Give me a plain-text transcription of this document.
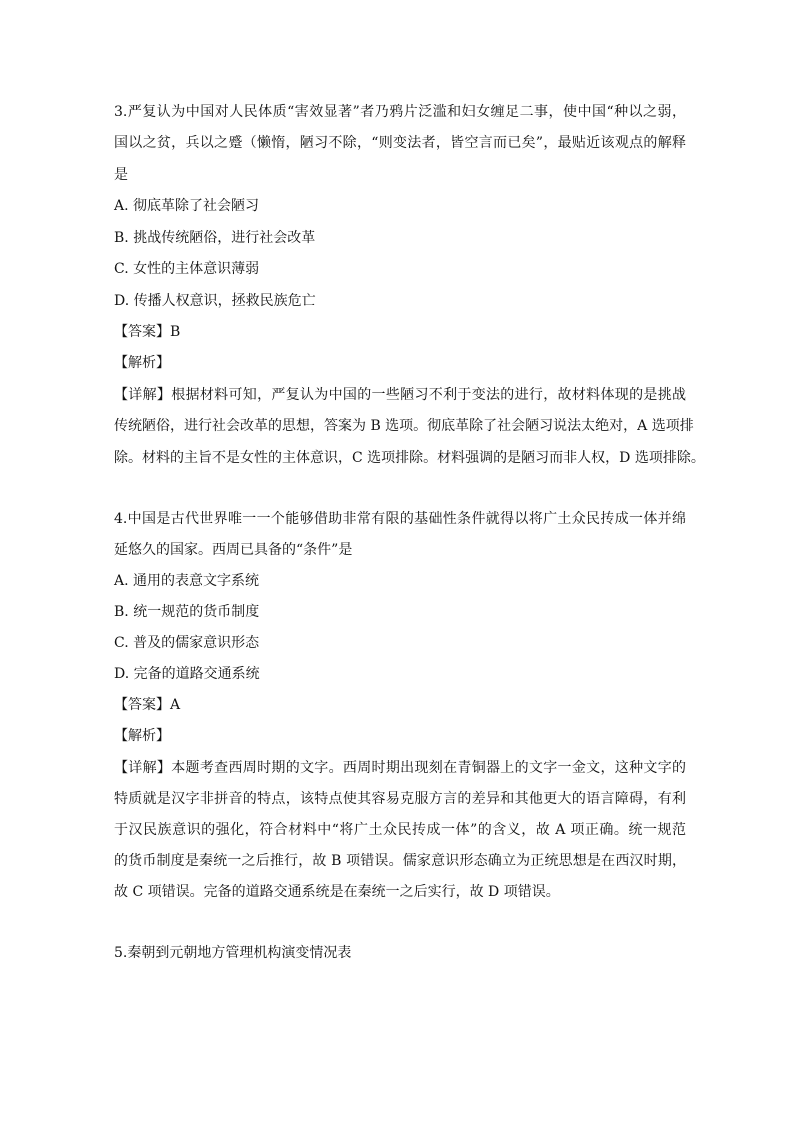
3.严复认为中国对人民体质“害效显著”者乃鸦片泛滥和妇女缠足二事，使中国“种以之弱，
国以之贫，兵以之蹙（懒惰，陋习不除，“则变法者，皆空言而已矣”，最贴近该观点的解释
是
A. 彻底革除了社会陋习
B. 挑战传统陋俗，进行社会改革
C. 女性的主体意识薄弱
D. 传播人权意识，拯救民族危亡
【答案】B
【解析】
【详解】根据材料可知，严复认为中国的一些陋习不利于变法的进行，故材料体现的是挑战
传统陋俗，进行社会改革的思想，答案为 B 选项。彻底革除了社会陋习说法太绝对，A 选项排
除。材料的主旨不是女性的主体意识，C 选项排除。材料强调的是陋习而非人权，D 选项排除。
4.中国是古代世界唯一一个能够借助非常有限的基础性条件就得以将广土众民抟成一体并绵
延悠久的国家。西周已具备的“条件”是
A. 通用的表意文字系统
B. 统一规范的货币制度
C. 普及的儒家意识形态
D. 完备的道路交通系统
【答案】A
【解析】
【详解】本题考查西周时期的文字。西周时期出现刻在青铜器上的文字一金文，这种文字的
特质就是汉字非拼音的特点，该特点使其容易克服方言的差异和其他更大的语言障碍，有利
于汉民族意识的强化，符合材料中“将广土众民抟成一体”的含义，故 A 项正确。统一规范
的货币制度是秦统一之后推行，故 B 项错误。儒家意识形态确立为正统思想是在西汉时期，
故 C 项错误。完备的道路交通系统是在秦统一之后实行，故 D 项错误。
5.秦朝到元朝地方管理机构演变情况表
